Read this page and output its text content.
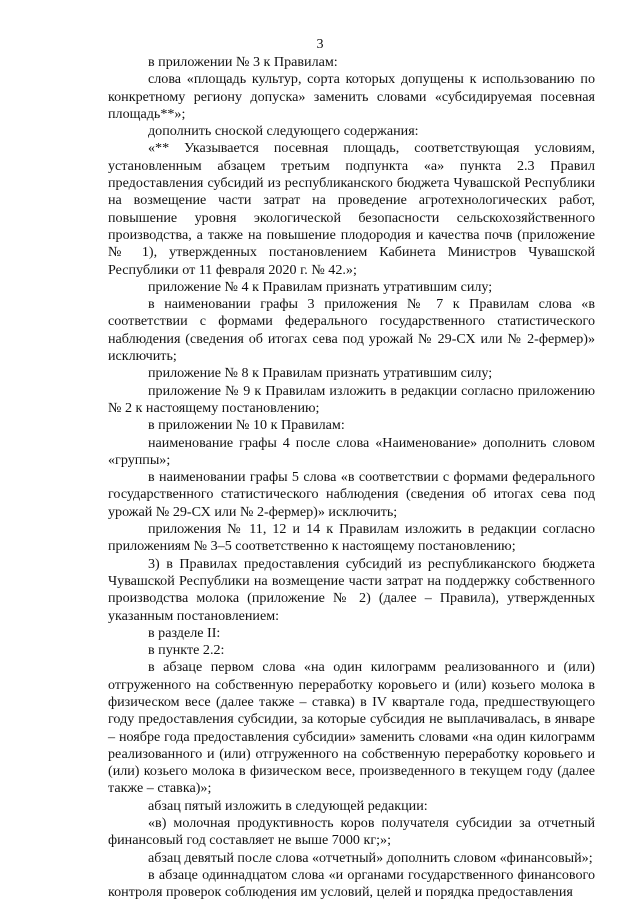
3

в приложении № 3 к Правилам:

слова «площадь культур, сорта которых допущены к использованию по конкретному региону допуска» заменить словами «субсидируемая посевная площадь**»;

дополнить сноской следующего содержания:

«** Указывается посевная площадь, соответствующая условиям, установленным абзацем третьим подпункта «а» пункта 2.3 Правил предоставления субсидий из республиканского бюджета Чувашской Республики на возмещение части затрат на проведение агротехнологических работ, повышение уровня экологической безопасности сельскохозяйственного производства, а также на повышение плодородия и качества почв (приложение № 1), утвержденных постановлением Кабинета Министров Чувашской Республики от 11 февраля 2020 г. № 42.»;

приложение № 4 к Правилам признать утратившим силу;

в наименовании графы 3 приложения № 7 к Правилам слова «в соответствии с формами федерального государственного статистического наблюдения (сведения об итогах сева под урожай № 29-СХ или № 2-фермер)» исключить;

приложение № 8 к Правилам признать утратившим силу;

приложение № 9 к Правилам изложить в редакции согласно приложению № 2 к настоящему постановлению;

в приложении № 10 к Правилам:

наименование графы 4 после слова «Наименование» дополнить словом «группы»;

в наименовании графы 5 слова «в соответствии с формами федерального государственного статистического наблюдения (сведения об итогах сева под урожай № 29-СХ или № 2-фермер)» исключить;

приложения № 11, 12 и 14 к Правилам изложить в редакции согласно приложениям № 3–5 соответственно к настоящему постановлению;

3) в Правилах предоставления субсидий из республиканского бюджета Чувашской Республики на возмещение части затрат на поддержку собственного производства молока (приложение № 2) (далее – Правила), утвержденных указанным постановлением:

в разделе II:

в пункте 2.2:

в абзаце первом слова «на один килограмм реализованного и (или) отгруженного на собственную переработку коровьего и (или) козьего молока в физическом весе (далее также – ставка) в IV квартале года, предшествующего году предоставления субсидии, за которые субсидия не выплачивалась, в январе – ноябре года предоставления субсидии» заменить словами «на один килограмм реализованного и (или) отгруженного на собственную переработку коровьего и (или) козьего молока в физическом весе, произведенного в текущем году (далее также – ставка)»;

абзац пятый изложить в следующей редакции:

«в) молочная продуктивность коров получателя субсидии за отчетный финансовый год составляет не выше 7000 кг;»;

абзац девятый после слова «отчетный» дополнить словом «финансовый»;

в абзаце одиннадцатом слова «и органами государственного финансового контроля проверок соблюдения им условий, целей и порядка предоставления
